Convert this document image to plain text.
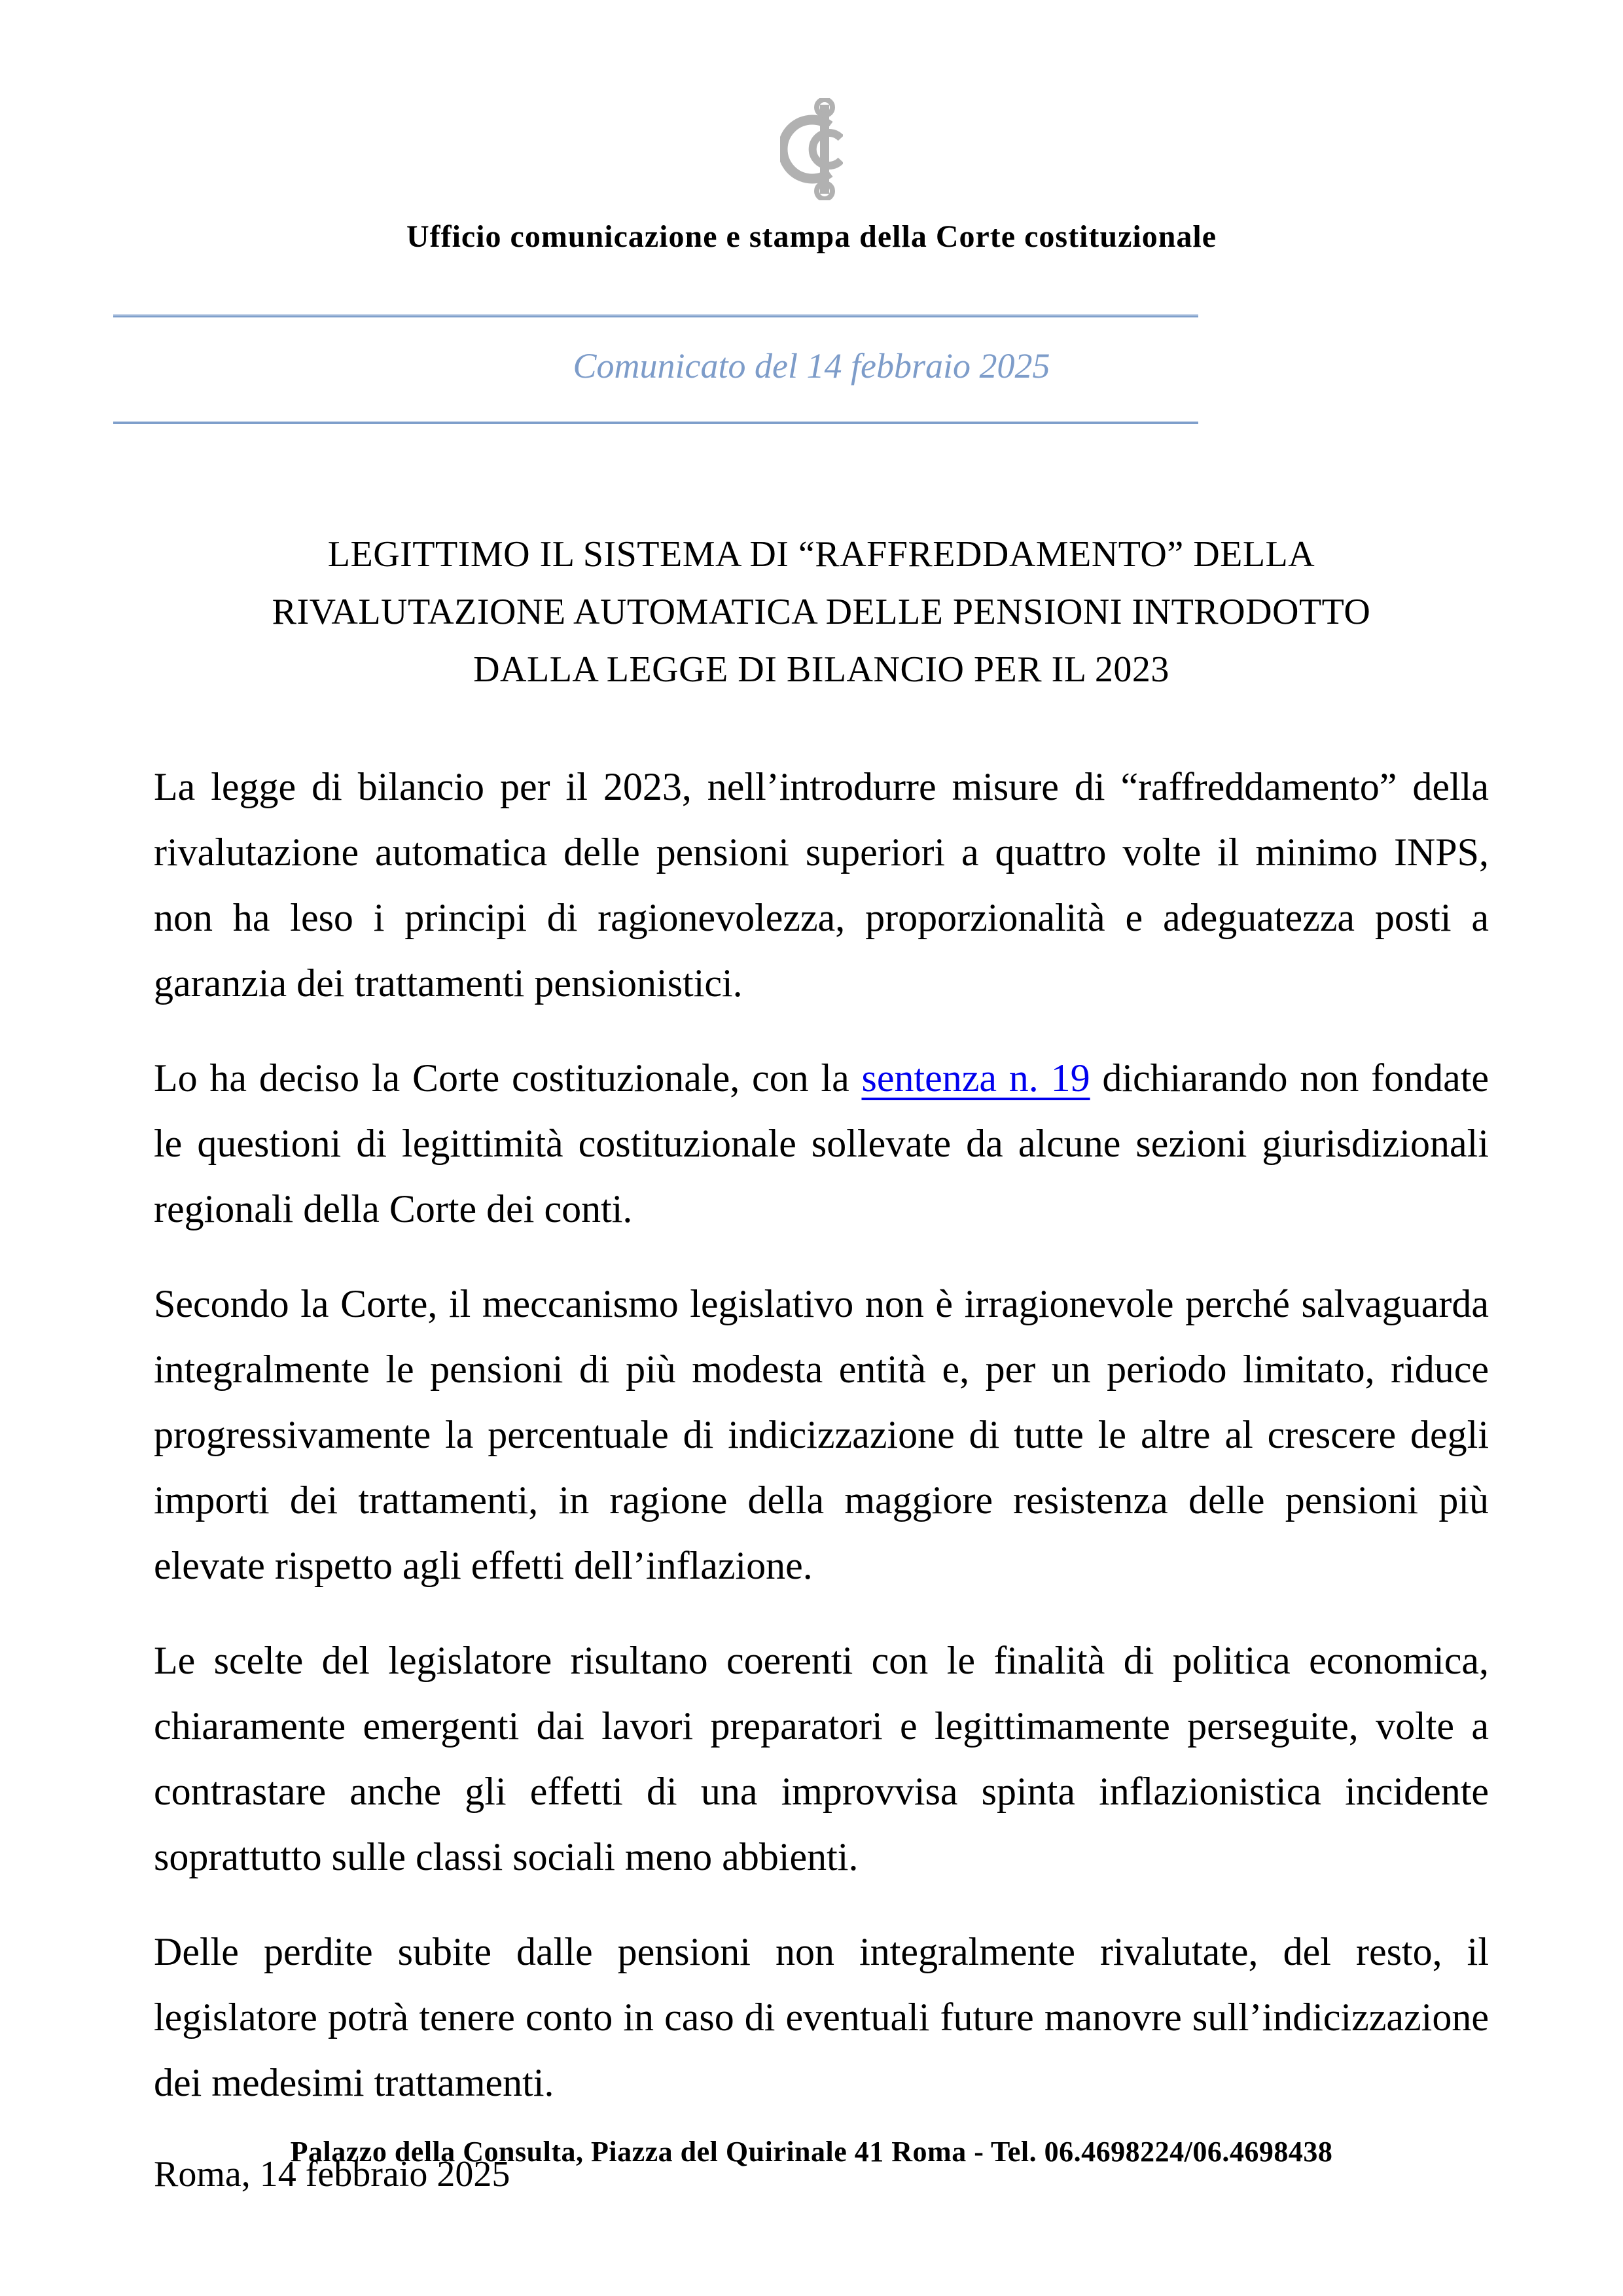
Ufficio comunicazione e stampa della Corte costituzionale
Comunicato del 14 febbraio 2025
LEGITTIMO IL SISTEMA DI “RAFFREDDAMENTO” DELLA
RIVALUTAZIONE AUTOMATICA DELLE PENSIONI INTRODOTTO
DALLA LEGGE DI BILANCIO PER IL 2023

La legge di bilancio per il 2023, nell’introdurre misure di “raffreddamento” della rivalutazione automatica delle pensioni superiori a quattro volte il minimo INPS, non ha leso i principi di ragionevolezza, proporzionalità e adeguatezza posti a garanzia dei trattamenti pensionistici.

Lo ha deciso la Corte costituzionale, con la sentenza n. 19 dichiarando non fondate le questioni di legittimità costituzionale sollevate da alcune sezioni giurisdizionali regionali della Corte dei conti.

Secondo la Corte, il meccanismo legislativo non è irragionevole perché salvaguarda integralmente le pensioni di più modesta entità e, per un periodo limitato, riduce progressivamente la percentuale di indicizzazione di tutte le altre al crescere degli importi dei trattamenti, in ragione della maggiore resistenza delle pensioni più elevate rispetto agli effetti dell’inflazione.

Le scelte del legislatore risultano coerenti con le finalità di politica economica, chiaramente emergenti dai lavori preparatori e legittimamente perseguite, volte a contrastare anche gli effetti di una improvvisa spinta inflazionistica incidente soprattutto sulle classi sociali meno abbienti.

Delle perdite subite dalle pensioni non integralmente rivalutate, del resto, il legislatore potrà tenere conto in caso di eventuali future manovre sull’indicizzazione dei medesimi trattamenti.

Roma, 14 febbraio 2025

Palazzo della Consulta, Piazza del Quirinale 41 Roma - Tel. 06.4698224/06.4698438
